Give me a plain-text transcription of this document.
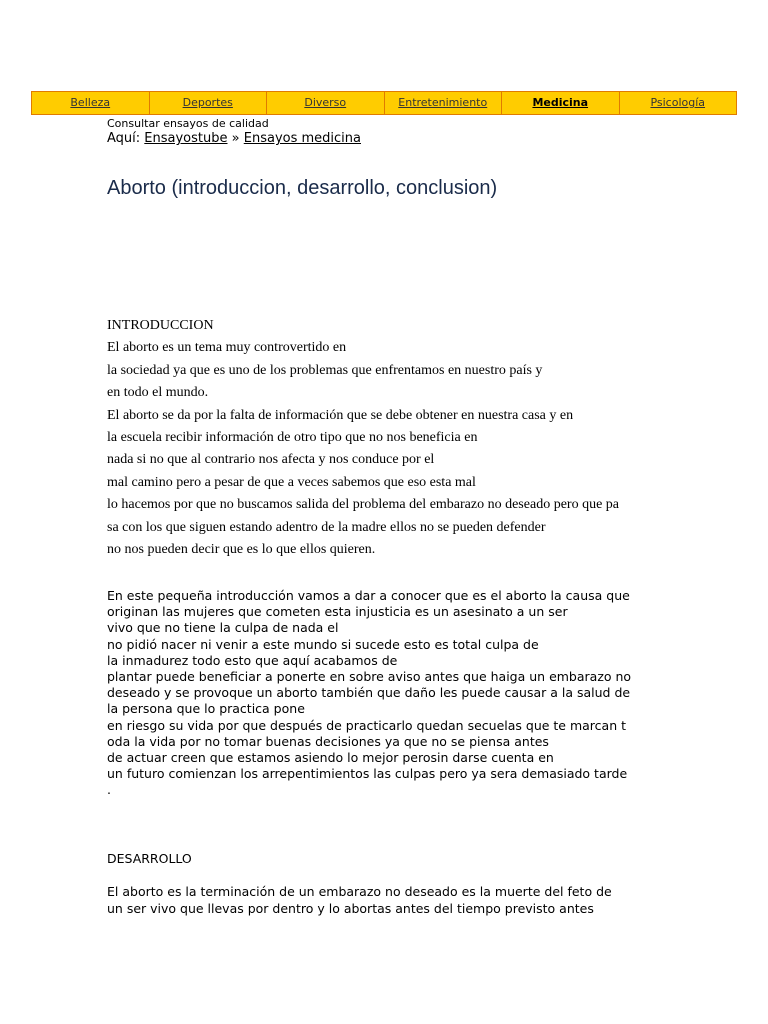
Belleza	Deportes	Diverso	Entretenimiento	Medicina	Psicología
Consultar ensayos de calidad
Aquí: Ensayostube » Ensayos medicina
Aborto (introduccion, desarrollo, conclusion)
INTRODUCCION
El aborto es un tema muy controvertido en
la sociedad ya que es uno de los problemas que enfrentamos en nuestro país y
en todo el mundo.
El aborto se da por la falta de información que se debe obtener en nuestra casa y en
la escuela recibir información de otro tipo que no nos beneficia en
nada si no que al contrario nos afecta y nos conduce por el
mal camino pero a pesar de que a veces sabemos que eso esta mal
lo hacemos por que no buscamos salida del problema del embarazo no deseado pero que pa
sa con los que siguen estando adentro de la madre ellos no se pueden defender
no nos pueden decir que es lo que ellos quieren.
En este pequeña introducción vamos a dar a conocer que es el aborto la causa que
originan las mujeres que cometen esta injusticia es un asesinato a un ser
vivo que no tiene la culpa de nada el
no pidió nacer ni venir a este mundo si sucede esto es total culpa de
la inmadurez todo esto que aquí acabamos de
plantar puede beneficiar a ponerte en sobre aviso antes que haiga un embarazo no
deseado y se provoque un aborto también que daño les puede causar a la salud de
la persona que lo practica pone
en riesgo su vida por que después de practicarlo quedan secuelas que te marcan t
oda la vida por no tomar buenas decisiones ya que no se piensa antes
de actuar creen que estamos asiendo lo mejor perosin darse cuenta en
un futuro comienzan los arrepentimientos las culpas pero ya sera demasiado tarde
.
DESARROLLO
El aborto es la terminación de un embarazo no deseado es la muerte del feto de
un ser vivo que llevas por dentro y lo abortas antes del tiempo previsto antes
